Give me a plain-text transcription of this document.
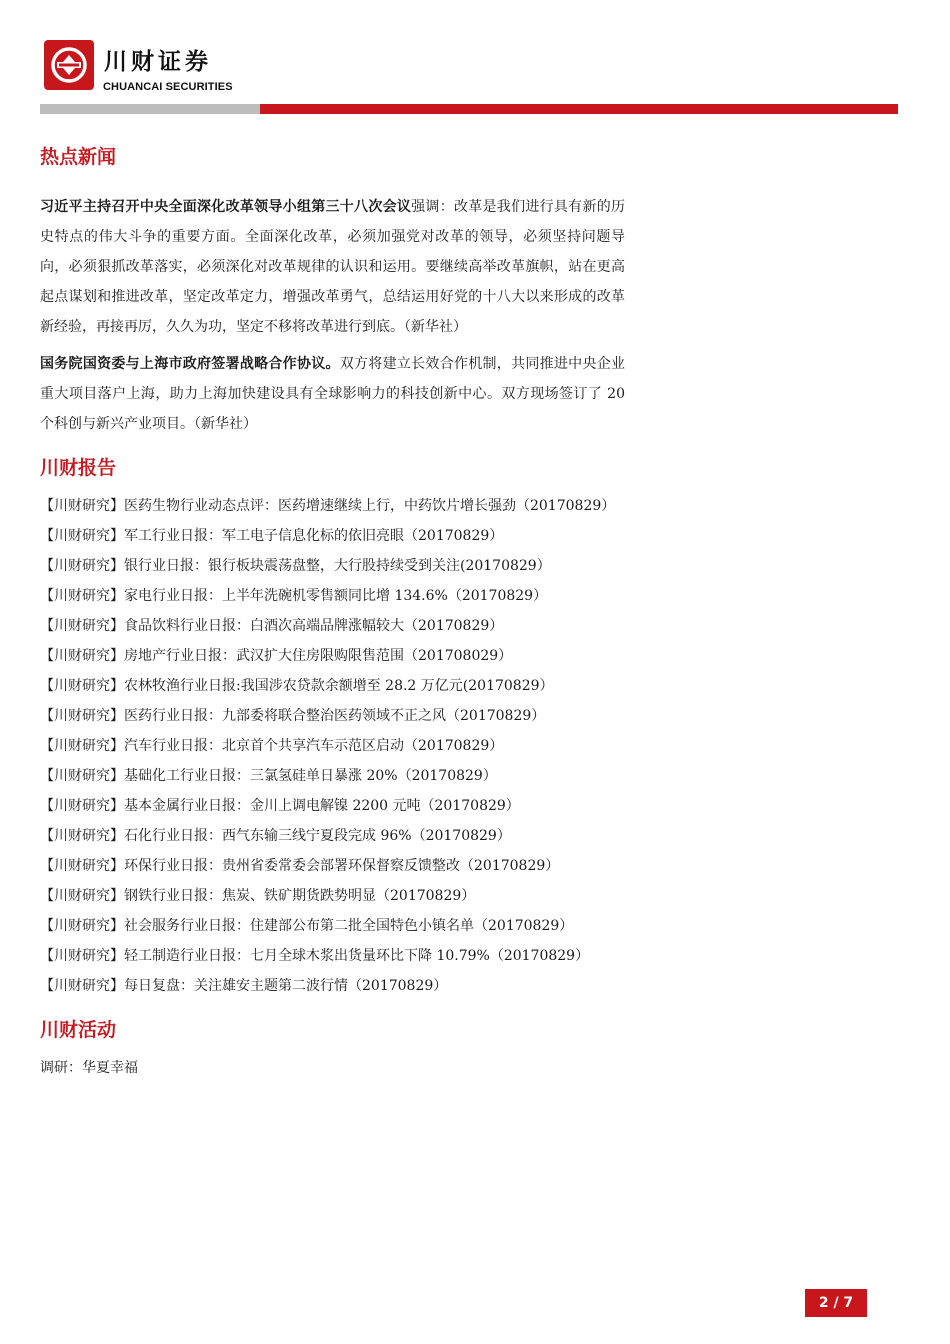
川财证券
CHUANCAI SECURITIES
热点新闻

习近平主持召开中央全面深化改革领导小组第三十八次会议强调：改革是我们进行具有新的历史特点的伟大斗争的重要方面。全面深化改革，必须加强党对改革的领导，必须坚持问题导向，必须狠抓改革落实，必须深化对改革规律的认识和运用。要继续高举改革旗帜，站在更高起点谋划和推进改革，坚定改革定力，增强改革勇气，总结运用好党的十八大以来形成的改革新经验，再接再厉，久久为功，坚定不移将改革进行到底。（新华社）

国务院国资委与上海市政府签署战略合作协议。双方将建立长效合作机制，共同推进中央企业重大项目落户上海，助力上海加快建设具有全球影响力的科技创新中心。双方现场签订了 20 个科创与新兴产业项目。（新华社）

川财报告
【川财研究】医药生物行业动态点评：医药增速继续上行，中药饮片增长强劲（20170829）
【川财研究】军工行业日报：军工电子信息化标的依旧亮眼（20170829）
【川财研究】银行业日报：银行板块震荡盘整，大行股持续受到关注(20170829）
【川财研究】家电行业日报：上半年洗碗机零售额同比增 134.6%（20170829）
【川财研究】食品饮料行业日报：白酒次高端品牌涨幅较大（20170829）
【川财研究】房地产行业日报：武汉扩大住房限购限售范围（201708029）
【川财研究】农林牧渔行业日报:我国涉农贷款余额增至 28.2 万亿元(20170829）
【川财研究】医药行业日报：九部委将联合整治医药领域不正之风（20170829）
【川财研究】汽车行业日报：北京首个共享汽车示范区启动（20170829）
【川财研究】基础化工行业日报：三氯氢硅单日暴涨 20%（20170829）
【川财研究】基本金属行业日报：金川上调电解镍 2200 元吨（20170829）
【川财研究】石化行业日报：西气东输三线宁夏段完成 96%（20170829）
【川财研究】环保行业日报：贵州省委常委会部署环保督察反馈整改（20170829）
【川财研究】钢铁行业日报：焦炭、铁矿期货跌势明显（20170829）
【川财研究】社会服务行业日报：住建部公布第二批全国特色小镇名单（20170829）
【川财研究】轻工制造行业日报：七月全球木浆出货量环比下降 10.79%（20170829）
【川财研究】每日复盘：关注雄安主题第二波行情（20170829）
川财活动

调研：华夏幸福

2 / 7
